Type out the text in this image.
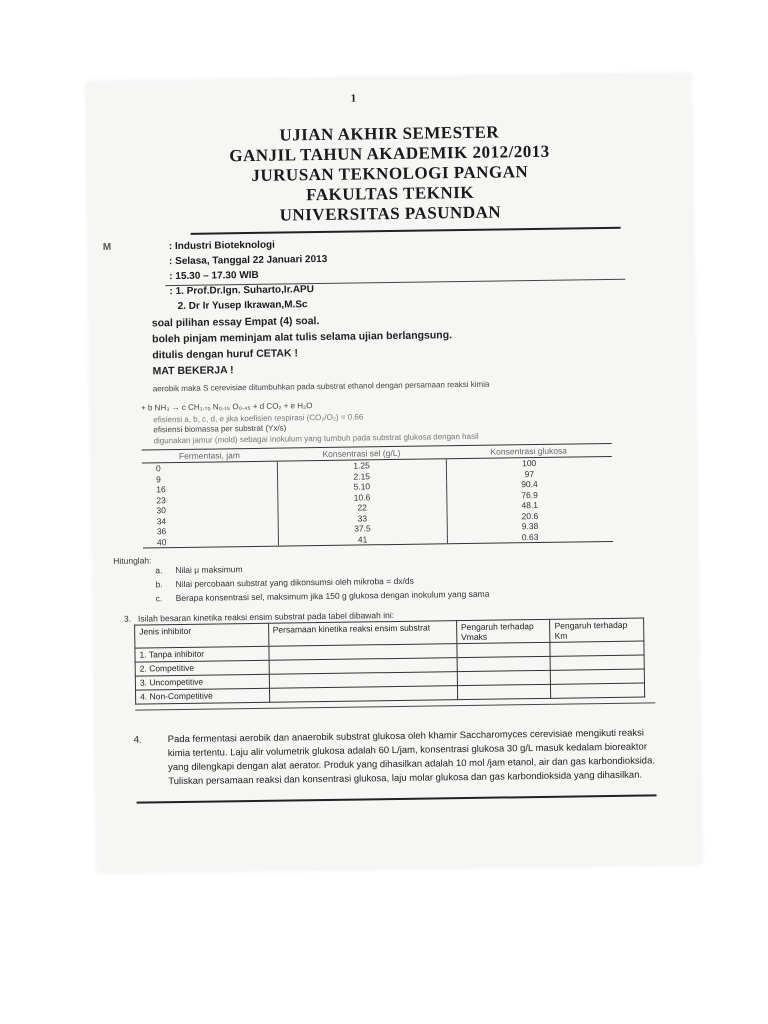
1
UJIAN AKHIR SEMESTER
GANJIL TAHUN AKADEMIK 2012/2013
JURUSAN TEKNOLOGI PANGAN
FAKULTAS TEKNIK
UNIVERSITAS PASUNDAN
M	: Industri Bioteknologi
: Selasa, Tanggal 22 Januari 2013
: 15.30 – 17.30 WIB
: 1. Prof.Dr.Ign. Suharto,Ir.APU
2. Dr Ir Yusep Ikrawan,M.Sc
soal pilihan essay Empat (4) soal.
boleh pinjam meminjam alat tulis selama ujian berlangsung.
ditulis dengan huruf CETAK !
MAT BEKERJA !
aerobik maka S cerevisiae ditumbuhkan pada substrat ethanol dengan persamaan reaksi kimia
+ b NH₃ → c CH₁.₇₀ N₀.₁₅ O₀.₄₅ + d CO₂ + e H₂O
efisiensi a, b, c, d, e jika koefisien respirasi (CO₂/O₂) = 0.66
efisiensi biomassa per substrat (Yx/s)
digunakan jamur (mold) sebagai inokulum yang tumbuh pada substrat glukosa dengan hasil
Fermentasi, jam	Konsentrasi sel (g/L)	Konsentrasi glukosa
0	1.25	100
9	2.15	97
16	5.10	90.4
23	10.6	76.9
30	22	48.1
34	33	20.6
36	37.5	9.38
40	41	0.63
Hitunglah:
a. Nilai μ maksimum
b. Nilai percobaan substrat yang dikonsumsi oleh mikroba = dx/ds
c. Berapa konsentrasi sel, maksimum jika 150 g glukosa dengan inokulum yang sama
3. Isilah besaran kinetika reaksi ensim substrat pada tabel dibawah ini:
Jenis inhibitor	Persamaan kinetika reaksi ensim substrat	Pengaruh terhadap Vmaks	Pengaruh terhadap Km
1. Tanpa inhibitor			
2. Competitive			
3. Uncompetitive			
4. Non-Competitive			
4.	Pada fermentasi aerobik dan anaerobik substrat glukosa oleh khamir Saccharomyces cerevisiae mengikuti reaksi kimia tertentu. Laju alir volumetrik glukosa adalah 60 L/jam, konsentrasi glukosa 30 g/L masuk kedalam bioreaktor yang dilengkapi dengan alat aerator. Produk yang dihasilkan adalah 10 mol /jam etanol, air dan gas karbondioksida. Tuliskan persamaan reaksi dan konsentrasi glukosa, laju molar glukosa dan gas karbondioksida yang dihasilkan.
